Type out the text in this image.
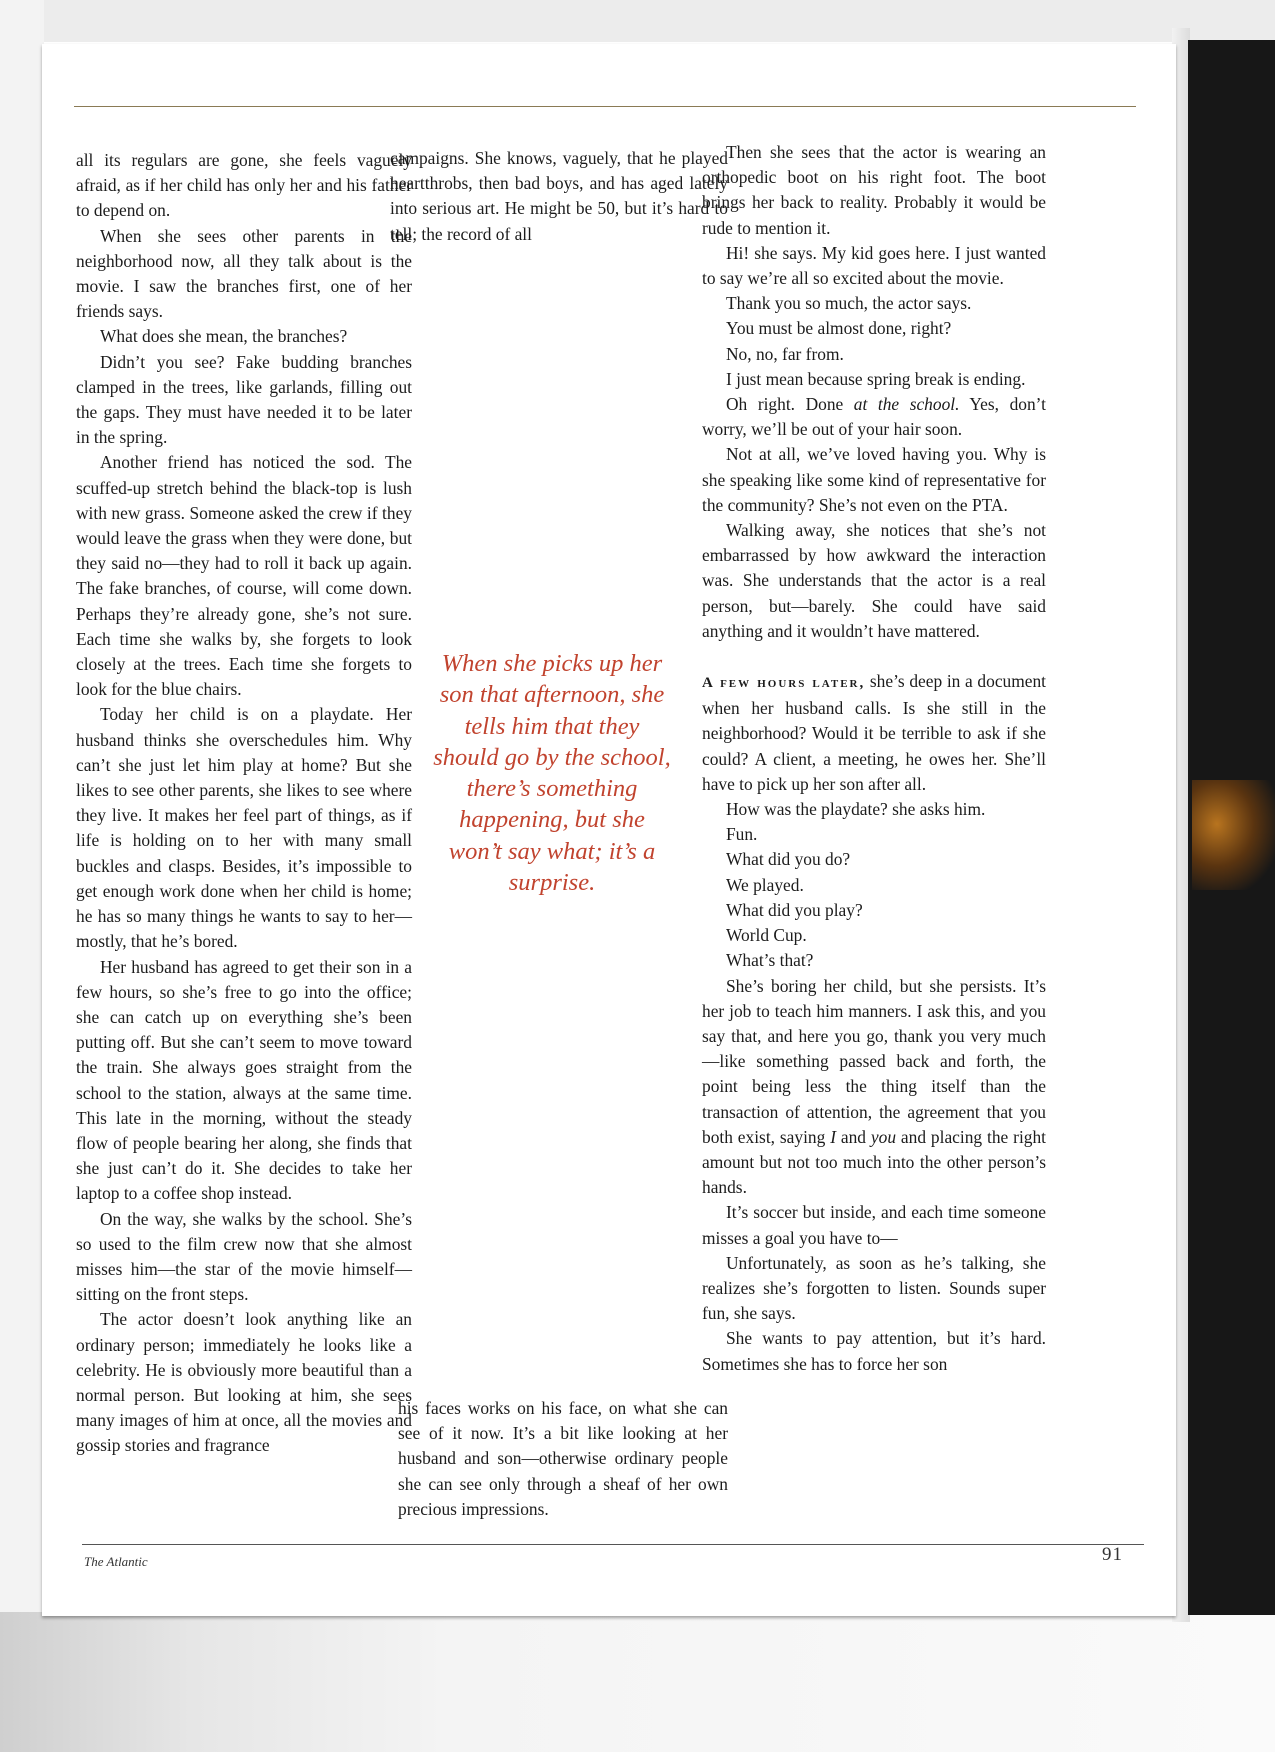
all its regulars are gone, she feels vaguely afraid, as if her child has only her and his father to depend on.

When she sees other parents in the neighborhood now, all they talk about is the movie. I saw the branches first, one of her friends says.

What does she mean, the branches?

Didn’t you see? Fake budding branches clamped in the trees, like garlands, filling out the gaps. They must have needed it to be later in the spring.

Another friend has noticed the sod. The scuffed-up stretch behind the black-top is lush with new grass. Someone asked the crew if they would leave the grass when they were done, but they said no—they had to roll it back up again. The fake branches, of course, will come down. Perhaps they’re already gone, she’s not sure. Each time she walks by, she forgets to look closely at the trees. Each time she forgets to look for the blue chairs.

Today her child is on a playdate. Her husband thinks she overschedules him. Why can’t she just let him play at home? But she likes to see other parents, she likes to see where they live. It makes her feel part of things, as if life is holding on to her with many small buckles and clasps. Besides, it’s impossible to get enough work done when her child is home; he has so many things he wants to say to her—mostly, that he’s bored.

Her husband has agreed to get their son in a few hours, so she’s free to go into the office; she can catch up on everything she’s been putting off. But she can’t seem to move toward the train. She always goes straight from the school to the station, always at the same time. This late in the morning, without the steady flow of people bearing her along, she finds that she just can’t do it. She decides to take her laptop to a coffee shop instead.

On the way, she walks by the school. She’s so used to the film crew now that she almost misses him—the star of the movie himself—sitting on the front steps.

The actor doesn’t look anything like an ordinary person; immediately he looks like a celebrity. He is obviously more beautiful than a normal person. But looking at him, she sees many images of him at once, all the movies and gossip stories and fragrance

campaigns. She knows, vaguely, that he played heartthrobs, then bad boys, and has aged lately into serious art. He might be 50, but it’s hard to tell; the record of all

When she picks up her son that afternoon, she tells him that they should go by the school, there’s something happening, but she won’t say what; it’s a surprise.

his faces works on his face, on what she can see of it now. It’s a bit like looking at her husband and son—otherwise ordinary people she can see only through a sheaf of her own precious impressions.

Then she sees that the actor is wearing an orthopedic boot on his right foot. The boot brings her back to reality. Probably it would be rude to mention it.

Hi! she says. My kid goes here. I just wanted to say we’re all so excited about the movie.

Thank you so much, the actor says.

You must be almost done, right?

No, no, far from.

I just mean because spring break is ending.

Oh right. Done at the school. Yes, don’t worry, we’ll be out of your hair soon.

Not at all, we’ve loved having you. Why is she speaking like some kind of representative for the community? She’s not even on the PTA.

Walking away, she notices that she’s not embarrassed by how awkward the interaction was. She understands that the actor is a real person, but—barely. She could have said anything and it wouldn’t have mattered.

A few hours later, she’s deep in a document when her husband calls. Is she still in the neighborhood? Would it be terrible to ask if she could? A client, a meeting, he owes her. She’ll have to pick up her son after all.

How was the playdate? she asks him.

Fun.

What did you do?

We played.

What did you play?

World Cup.

What’s that?

She’s boring her child, but she persists. It’s her job to teach him manners. I ask this, and you say that, and here you go, thank you very much—like something passed back and forth, the point being less the thing itself than the transaction of attention, the agreement that you both exist, saying I and you and placing the right amount but not too much into the other person’s hands.

It’s soccer but inside, and each time someone misses a goal you have to—

Unfortunately, as soon as he’s talking, she realizes she’s forgotten to listen. Sounds super fun, she says.

She wants to pay attention, but it’s hard. Sometimes she has to force her son

The Atlantic	91
